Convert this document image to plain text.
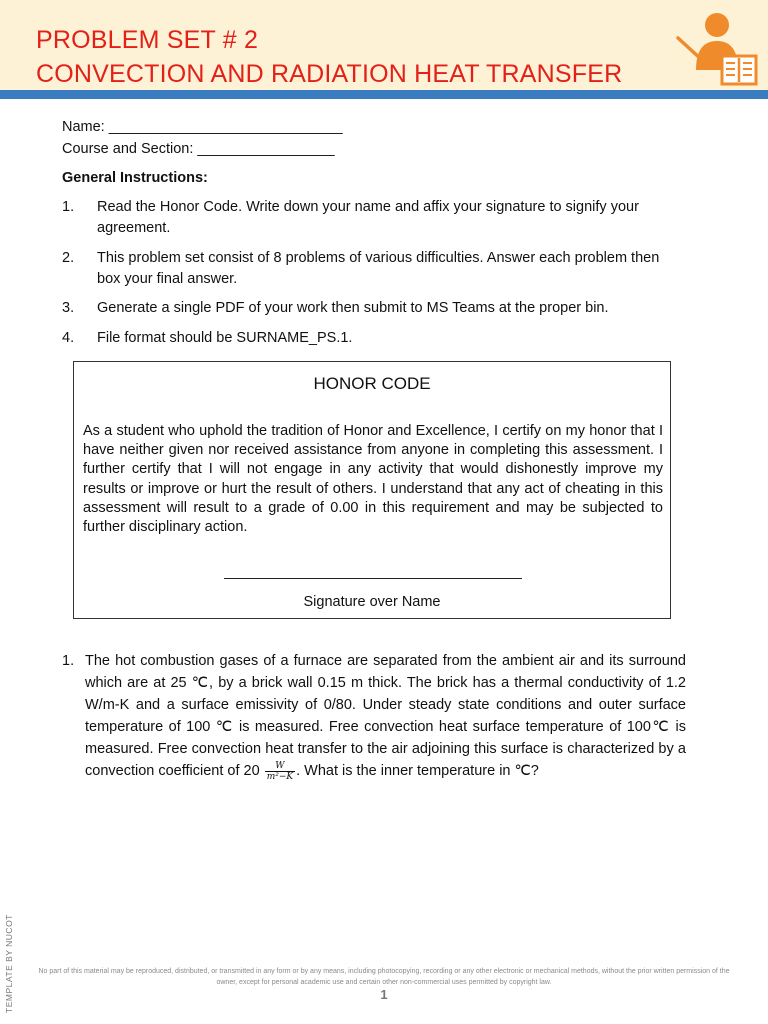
PROBLEM SET # 2
CONVECTION AND RADIATION HEAT TRANSFER
Name: _____________________________
Course and Section: _________________
General Instructions:
1. Read the Honor Code. Write down your name and affix your signature to signify your agreement.
2. This problem set consist of 8 problems of various difficulties. Answer each problem then box your final answer.
3. Generate a single PDF of your work then submit to MS Teams at the proper bin.
4. File format should be SURNAME_PS.1.
HONOR CODE
As a student who uphold the tradition of Honor and Excellence, I certify on my honor that I have neither given nor received assistance from anyone in completing this assessment. I further certify that I will not engage in any activity that would dishonestly improve my results or improve or hurt the result of others. I understand that any act of cheating in this assessment will result to a grade of 0.00 in this requirement and may be subjected to further disciplinary action.
Signature over Name
1. The hot combustion gases of a furnace are separated from the ambient air and its surround which are at 25 ℃, by a brick wall 0.15 m thick. The brick has a thermal conductivity of 1.2 W/m-K and a surface emissivity of 0/80. Under steady state conditions and outer surface temperature of 100 ℃ is measured. Free convection heat surface temperature of 100℃ is measured. Free convection heat transfer to the air adjoining this surface is characterized by a convection coefficient of $20 \frac{W}{\text{m²−K}}$ . What is the inner temperature in ℃?
TEMPLATE BY NUCOT	No part of this material may be reproduced, distributed, or transmitted in any form or by any means, including photocopying, recording or any other electronic or mechanical methods, without the prior written permission of the owner, except for personal academic use and certain other non-commercial uses permitted by copyright law.
1
